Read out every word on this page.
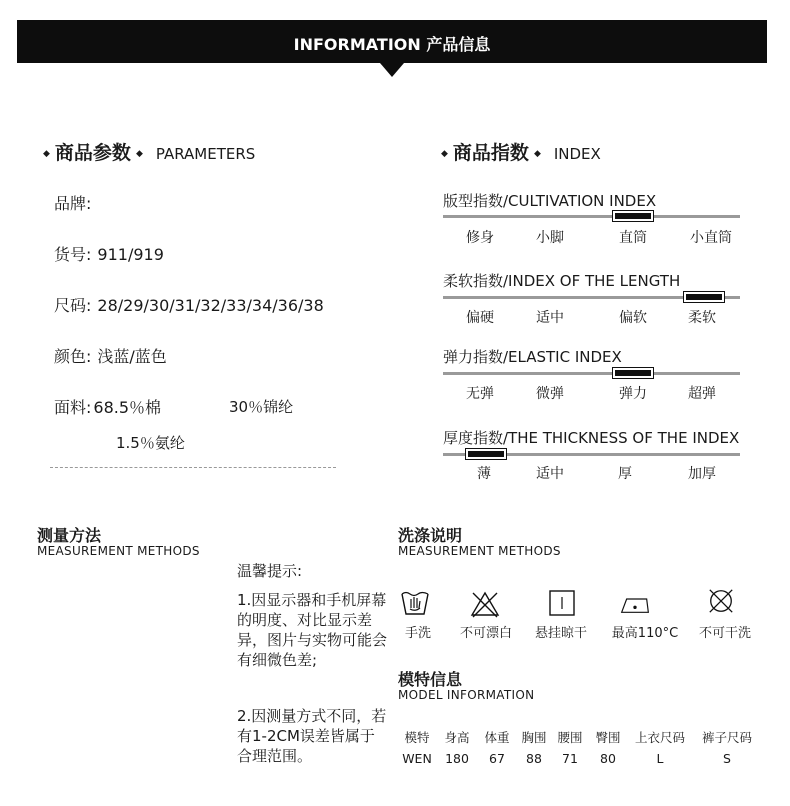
INFORMATION 产品信息
◆ 商品参数 ◆ PARAMETERS
品牌:
货号: 911/919
尺码: 28/29/30/31/32/33/34/36/38
颜色: 浅蓝/蓝色
面料: 68.5％棉	30％锦纶
1.5％氨纶
◆ 商品指数 ◆ INDEX
版型指数/CULTIVATION INDEX
修身	小脚	直筒	小直筒
柔软指数/INDEX OF THE LENGTH
偏硬	适中	偏软	柔软
弹力指数/ELASTIC INDEX
无弹	微弹	弹力	超弹
厚度指数/THE THICKNESS OF THE INDEX
薄	适中	厚	加厚
测量方法
MEASUREMENT METHODS
温馨提示:
1.因显示器和手机屏幕的明度、对比显示差异，图片与实物可能会有细微色差;
2.因测量方式不同，若有1-2CM误差皆属于合理范围。
洗涤说明
MEASUREMENT METHODS
手洗	不可漂白	悬挂晾干	最高110°C	不可干洗
模特信息
MODEL INFORMATION
模特	身高	体重	胸围	腰围	臀围	上衣尺码	裤子尺码
WEN	180	67	88	71	80	L	S
